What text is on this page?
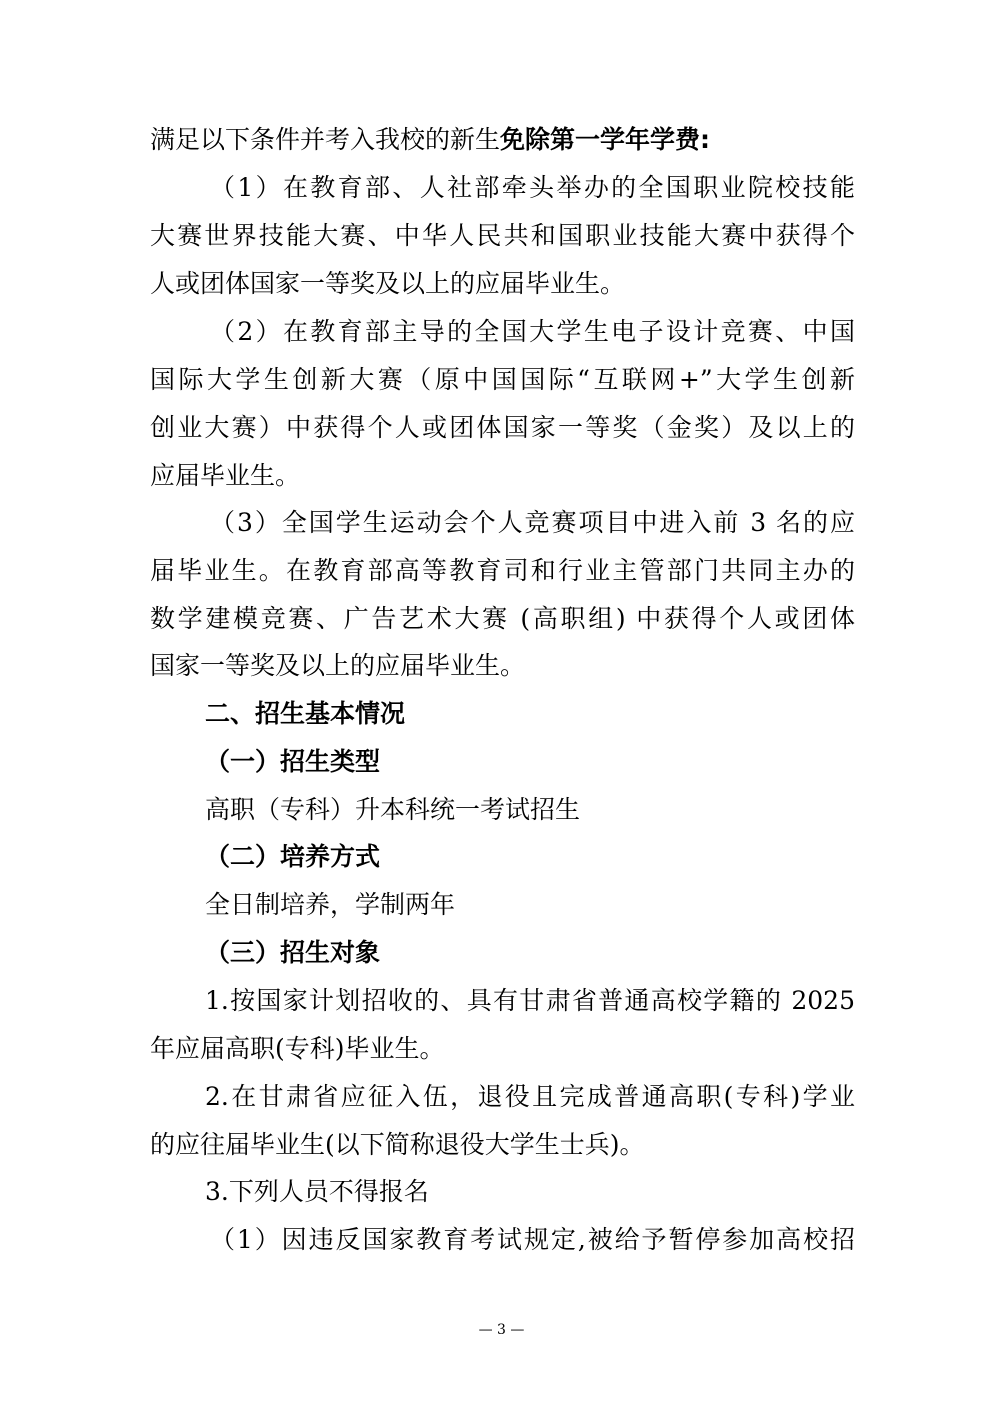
满足以下条件并考入我校的新生免除第一学年学费:
（1）在教育部、人社部牵头举办的全国职业院校技能
大赛世界技能大赛、中华人民共和国职业技能大赛中获得个
人或团体国家一等奖及以上的应届毕业生。
（2）在教育部主导的全国大学生电子设计竞赛、中国
国际大学生创新大赛（原中国国际“互联网+”大学生创新
创业大赛）中获得个人或团体国家一等奖（金奖）及以上的
应届毕业生。
（3）全国学生运动会个人竞赛项目中进入前 3 名的应
届毕业生。在教育部高等教育司和行业主管部门共同主办的
数学建模竞赛、广告艺术大赛 (高职组) 中获得个人或团体
国家一等奖及以上的应届毕业生。
二、招生基本情况
（一）招生类型
高职（专科）升本科统一考试招生
（二）培养方式
全日制培养，学制两年
（三）招生对象
1.按国家计划招收的、具有甘肃省普通高校学籍的 2025
年应届高职(专科)毕业生。
2.在甘肃省应征入伍，退役且完成普通高职(专科)学业
的应往届毕业生(以下简称退役大学生士兵)。
3.下列人员不得报名
（1）因违反国家教育考试规定,被给予暂停参加高校招
— 3 —
